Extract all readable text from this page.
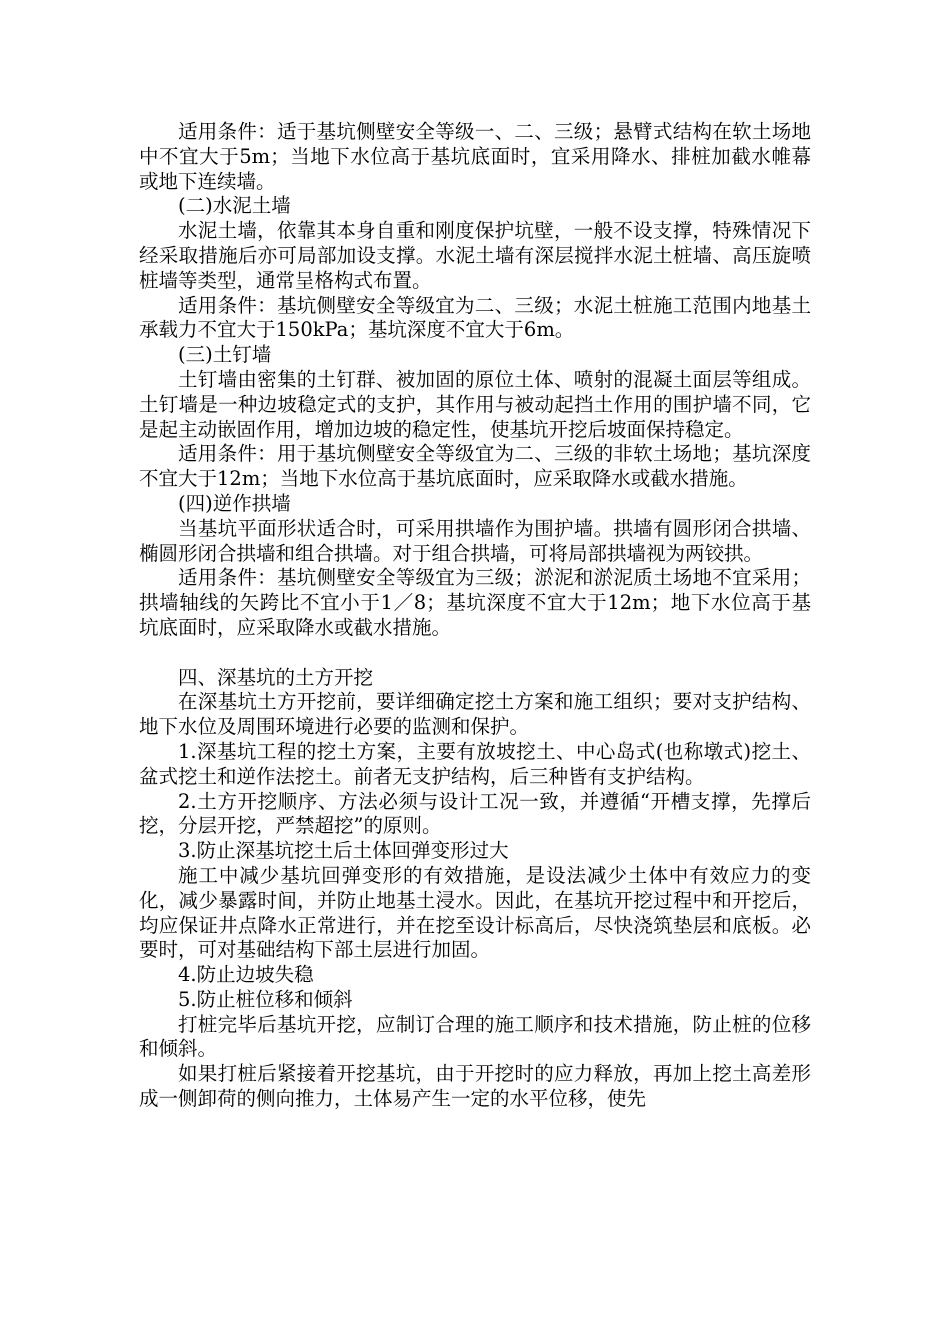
适用条件：适于基坑侧壁安全等级一、二、三级；悬臂式结构在软土场地中不宜大于5m；当地下水位高于基坑底面时，宜采用降水、排桩加截水帷幕或地下连续墙。

(二)水泥土墙

水泥土墙，依靠其本身自重和刚度保护坑壁，一般不设支撑，特殊情况下经采取措施后亦可局部加设支撑。水泥土墙有深层搅拌水泥土桩墙、高压旋喷桩墙等类型，通常呈格构式布置。

适用条件：基坑侧壁安全等级宜为二、三级；水泥土桩施工范围内地基土承载力不宜大于150kPa；基坑深度不宜大于6m。

(三)土钉墙

土钉墙由密集的土钉群、被加固的原位土体、喷射的混凝土面层等组成。土钉墙是一种边坡稳定式的支护，其作用与被动起挡土作用的围护墙不同，它是起主动嵌固作用，增加边坡的稳定性，使基坑开挖后坡面保持稳定。

适用条件：用于基坑侧壁安全等级宜为二、三级的非软土场地；基坑深度不宜大于12m；当地下水位高于基坑底面时，应采取降水或截水措施。

(四)逆作拱墙

当基坑平面形状适合时，可采用拱墙作为围护墙。拱墙有圆形闭合拱墙、椭圆形闭合拱墙和组合拱墙。对于组合拱墙，可将局部拱墙视为两铰拱。

适用条件：基坑侧壁安全等级宜为三级；淤泥和淤泥质土场地不宜采用；拱墙轴线的矢跨比不宜小于1／8；基坑深度不宜大于12m；地下水位高于基坑底面时，应采取降水或截水措施。

四、深基坑的土方开挖

在深基坑土方开挖前，要详细确定挖土方案和施工组织；要对支护结构、地下水位及周围环境进行必要的监测和保护。

1.深基坑工程的挖土方案，主要有放坡挖土、中心岛式(也称墩式)挖土、盆式挖土和逆作法挖土。前者无支护结构，后三种皆有支护结构。

2.土方开挖顺序、方法必须与设计工况一致，并遵循“开槽支撑，先撑后挖，分层开挖，严禁超挖”的原则。

3.防止深基坑挖土后土体回弹变形过大

施工中减少基坑回弹变形的有效措施，是设法减少土体中有效应力的变化，减少暴露时间，并防止地基土浸水。因此，在基坑开挖过程中和开挖后，均应保证井点降水正常进行，并在挖至设计标高后，尽快浇筑垫层和底板。必要时，可对基础结构下部土层进行加固。

4.防止边坡失稳

5.防止桩位移和倾斜

打桩完毕后基坑开挖，应制订合理的施工顺序和技术措施，防止桩的位移和倾斜。

如果打桩后紧接着开挖基坑，由于开挖时的应力释放，再加上挖土高差形成一侧卸荷的侧向推力，土体易产生一定的水平位移，使先
